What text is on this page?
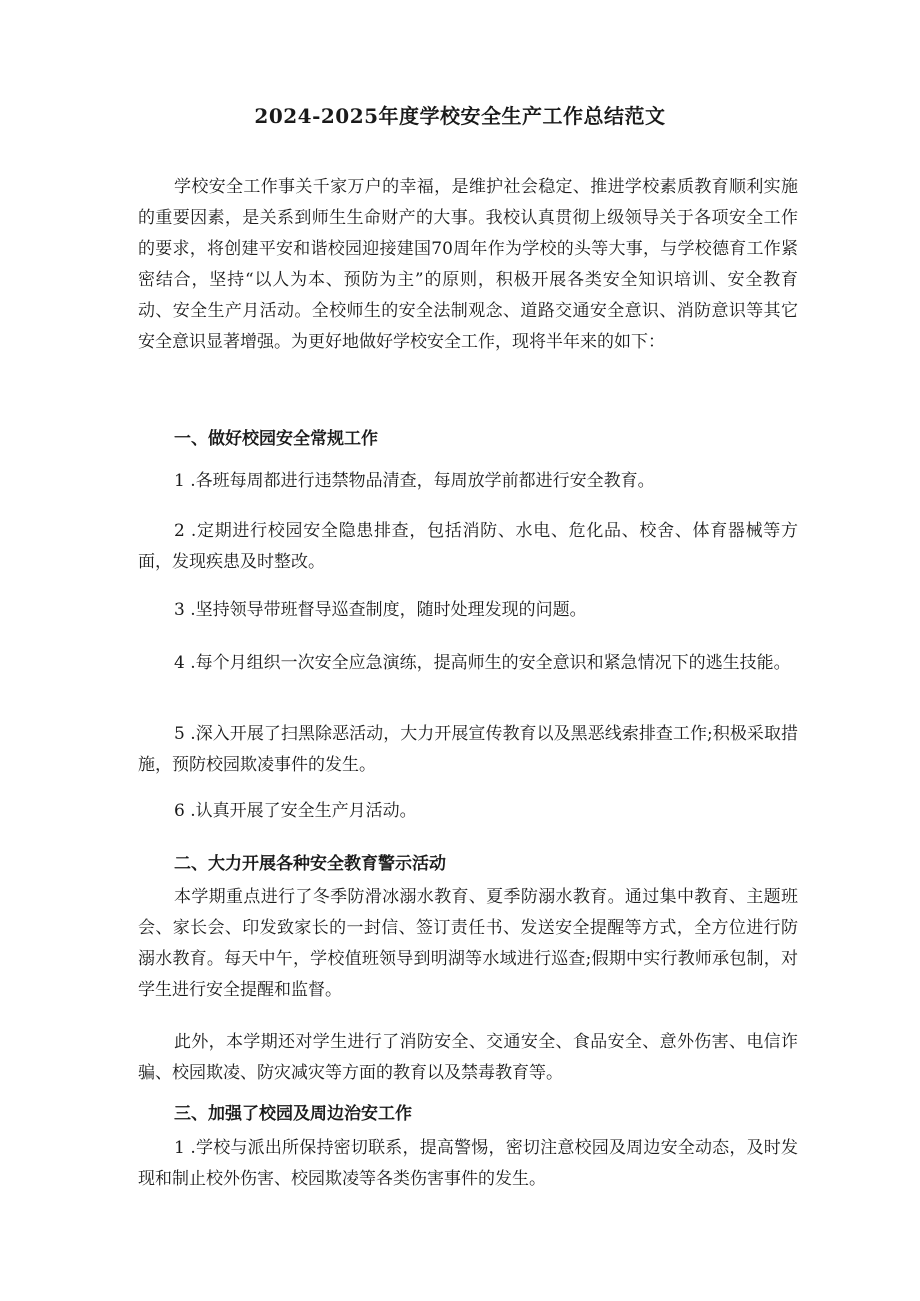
2024-2025年度学校安全生产工作总结范文

学校安全工作事关千家万户的幸福，是维护社会稳定、推进学校素质教育顺利实施的重要因素，是关系到师生生命财产的大事。我校认真贯彻上级领导关于各项安全工作的要求，将创建平安和谐校园迎接建国70周年作为学校的头等大事，与学校德育工作紧密结合，坚持“以人为本、预防为主”的原则，积极开展各类安全知识培训、安全教育动、安全生产月活动。全校师生的安全法制观念、道路交通安全意识、消防意识等其它安全意识显著增强。为更好地做好学校安全工作，现将半年来的如下：

一、做好校园安全常规工作

1 .各班每周都进行违禁物品清查，每周放学前都进行安全教育。

2 .定期进行校园安全隐患排查，包括消防、水电、危化品、校舍、体育器械等方面，发现疾患及时整改。

3 .坚持领导带班督导巡查制度，随时处理发现的问题。

4 .每个月组织一次安全应急演练，提高师生的安全意识和紧急情况下的逃生技能。

5 .深入开展了扫黑除恶活动，大力开展宣传教育以及黑恶线索排查工作;积极采取措施，预防校园欺凌事件的发生。

6 .认真开展了安全生产月活动。

二、大力开展各种安全教育警示活动

本学期重点进行了冬季防滑冰溺水教育、夏季防溺水教育。通过集中教育、主题班会、家长会、印发致家长的一封信、签订责任书、发送安全提醒等方式，全方位进行防溺水教育。每天中午，学校值班领导到明湖等水域进行巡查;假期中实行教师承包制，对学生进行安全提醒和监督。

此外，本学期还对学生进行了消防安全、交通安全、食品安全、意外伤害、电信诈骗、校园欺凌、防灾减灾等方面的教育以及禁毒教育等。

三、加强了校园及周边治安工作

1 .学校与派出所保持密切联系，提高警惕，密切注意校园及周边安全动态，及时发现和制止校外伤害、校园欺凌等各类伤害事件的发生。
